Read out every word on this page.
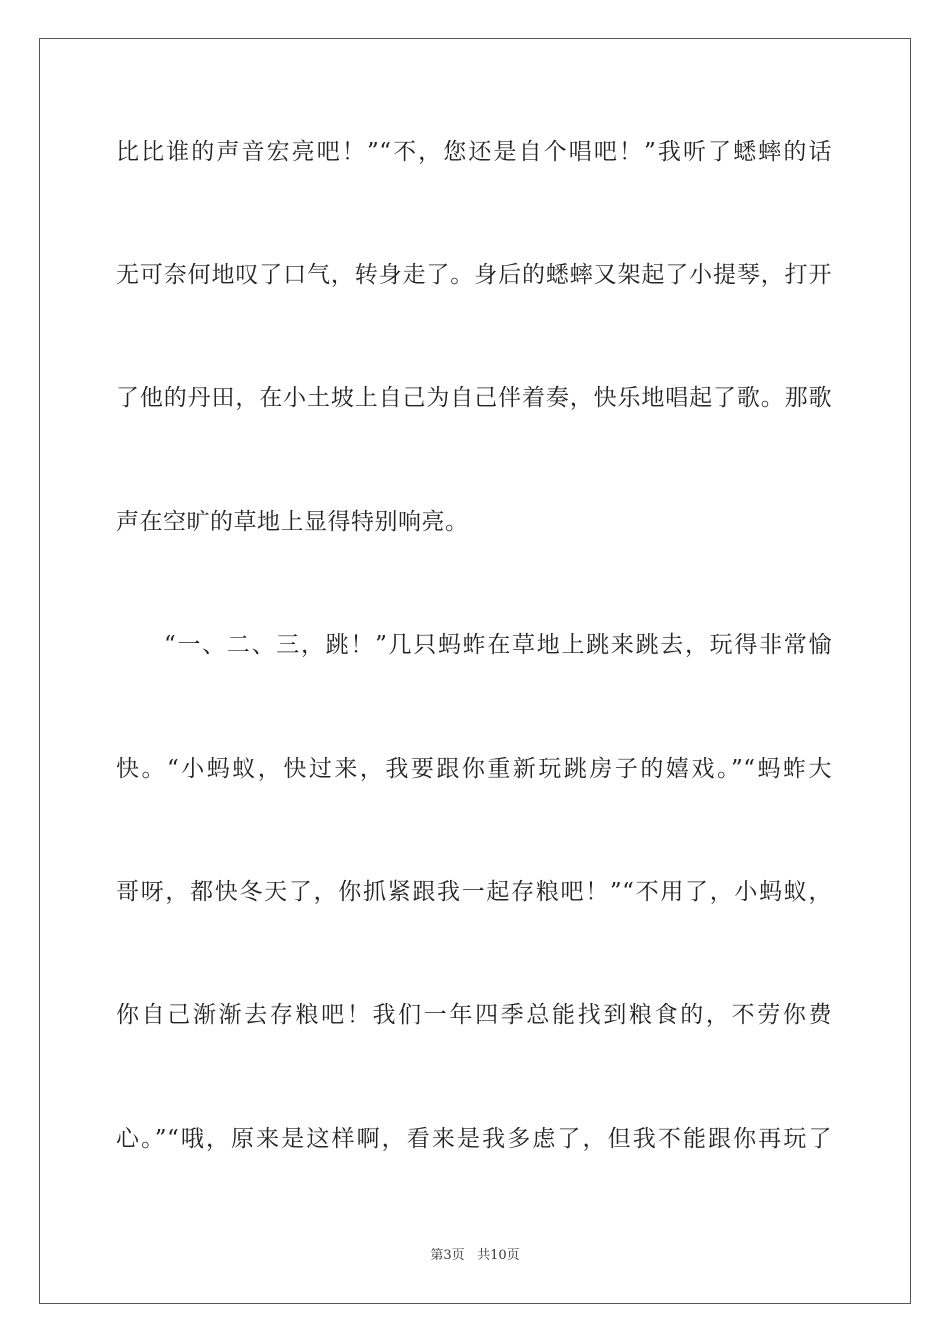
比比谁的声音宏亮吧！”“不，您还是自个唱吧！”我听了蟋蟀的话
无可奈何地叹了口气，转身走了。身后的蟋蟀又架起了小提琴，打开
了他的丹田，在小土坡上自己为自己伴着奏，快乐地唱起了歌。那歌
声在空旷的草地上显得特别响亮。
“一、二、三，跳！”几只蚂蚱在草地上跳来跳去，玩得非常愉
快。“小蚂蚁，快过来，我要跟你重新玩跳房子的嬉戏。”“蚂蚱大
哥呀，都快冬天了，你抓紧跟我一起存粮吧！”“不用了，小蚂蚁，
你自己渐渐去存粮吧！我们一年四季总能找到粮食的，不劳你费
心。”“哦，原来是这样啊，看来是我多虑了，但我不能跟你再玩了
第3页 共10页
